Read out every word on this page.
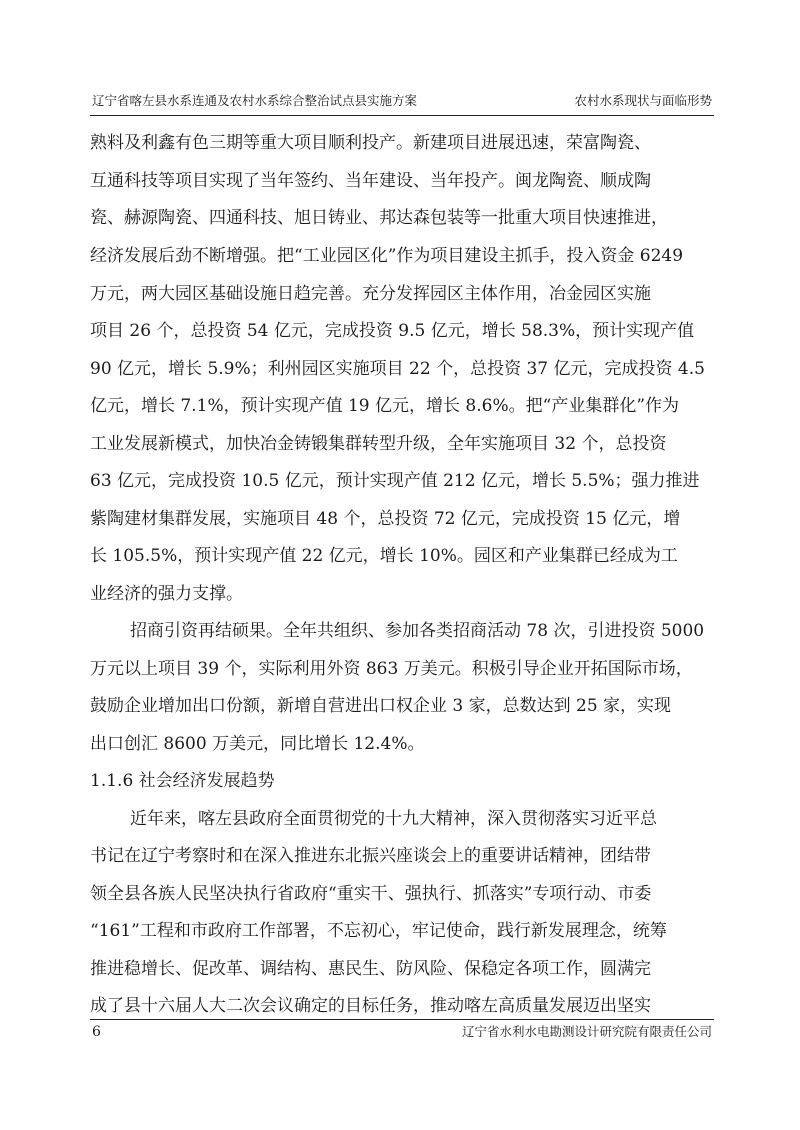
辽宁省喀左县水系连通及农村水系综合整治试点县实施方案	农村水系现状与面临形势
熟料及利鑫有色三期等重大项目顺利投产。新建项目进展迅速，荣富陶瓷、
互通科技等项目实现了当年签约、当年建设、当年投产。闽龙陶瓷、顺成陶
瓷、赫源陶瓷、四通科技、旭日铸业、邦达森包装等一批重大项目快速推进，
经济发展后劲不断增强。把“工业园区化”作为项目建设主抓手，投入资金 6249
万元，两大园区基础设施日趋完善。充分发挥园区主体作用，冶金园区实施
项目 26 个，总投资 54 亿元，完成投资 9.5 亿元，增长 58.3%，预计实现产值
90 亿元，增长 5.9%；利州园区实施项目 22 个，总投资 37 亿元，完成投资 4.5
亿元，增长 7.1%，预计实现产值 19 亿元，增长 8.6%。把“产业集群化”作为
工业发展新模式，加快冶金铸锻集群转型升级，全年实施项目 32 个，总投资
63 亿元，完成投资 10.5 亿元，预计实现产值 212 亿元，增长 5.5%；强力推进
紫陶建材集群发展，实施项目 48 个，总投资 72 亿元，完成投资 15 亿元，增
长 105.5%，预计实现产值 22 亿元，增长 10%。园区和产业集群已经成为工
业经济的强力支撑。
招商引资再结硕果。全年共组织、参加各类招商活动 78 次，引进投资 5000
万元以上项目 39 个，实际利用外资 863 万美元。积极引导企业开拓国际市场，
鼓励企业增加出口份额，新增自营进出口权企业 3 家，总数达到 25 家，实现
出口创汇 8600 万美元，同比增长 12.4%。
1.1.6 社会经济发展趋势
近年来，喀左县政府全面贯彻党的十九大精神，深入贯彻落实习近平总
书记在辽宁考察时和在深入推进东北振兴座谈会上的重要讲话精神，团结带
领全县各族人民坚决执行省政府“重实干、强执行、抓落实”专项行动、市委
“161”工程和市政府工作部署，不忘初心，牢记使命，践行新发展理念，统筹
推进稳增长、促改革、调结构、惠民生、防风险、保稳定各项工作，圆满完
成了县十六届人大二次会议确定的目标任务，推动喀左高质量发展迈出坚实
6	辽宁省水利水电勘测设计研究院有限责任公司
